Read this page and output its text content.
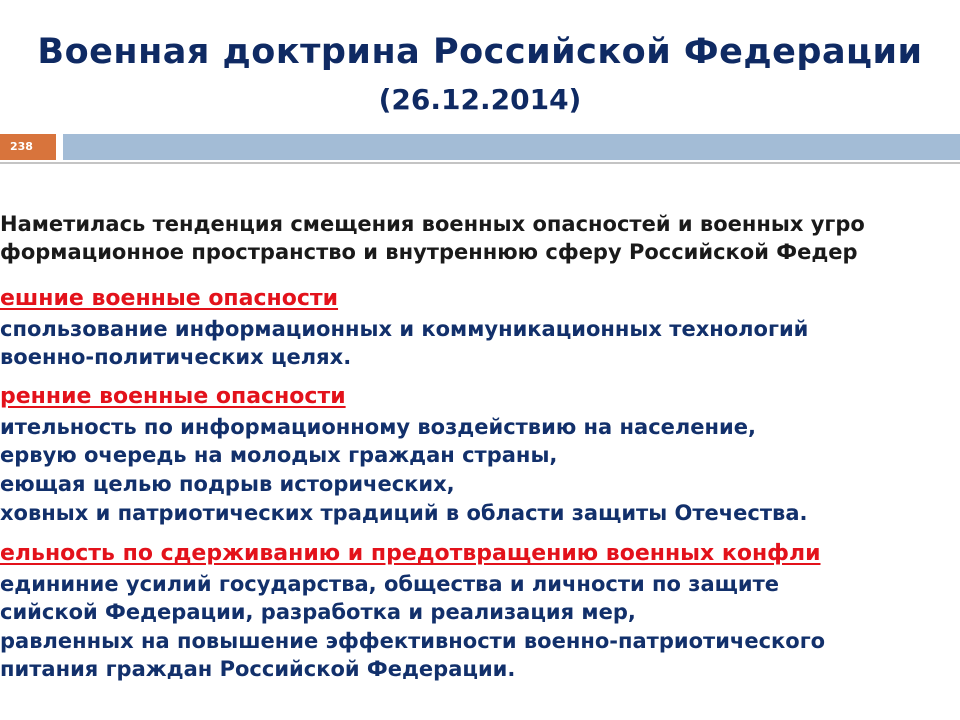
Военная доктрина Российской Федерации
(26.12.2014)
238
Наметилась тенденция смещения военных опасностей и военных угро
формационное пространство и внутреннюю сферу Российской Федер
ешние военные опасности
спользование информационных и коммуникационных технологий
военно-политических целях.
ренние военные опасности
ительность по информационному воздействию на население,
ервую очередь на молодых граждан страны,
еющая целью подрыв исторических,
ховных и патриотических традиций в области защиты Отечества.
ельность по сдерживанию и предотвращению военных конфли
едининие усилий государства, общества и личности по защите
сийской Федерации, разработка и реализация мер,
равленных на повышение эффективности военно-патриотического
питания граждан Российской Федерации.
